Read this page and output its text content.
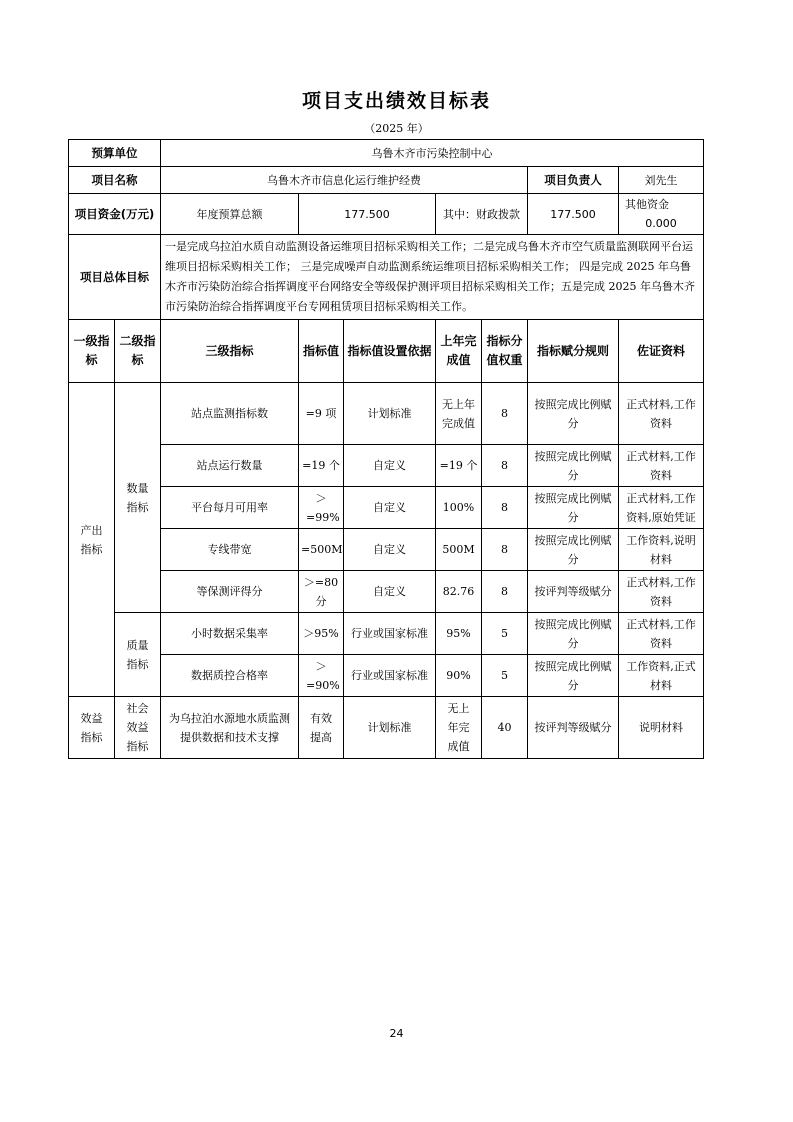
项目支出绩效目标表
（2025 年）
预算单位		乌鲁木齐市污染控制中心						
项目名称		乌鲁木齐市信息化运行维护经费					项目负责人	刘先生
项目资金(万元)		年度预算总额	177.500		其中：财政拨款		177.500	其他资金0.000
项目总体目标		一是完成乌拉泊水质自动监测设备运维项目招标采购相关工作；二是完成乌鲁木齐市空气质量监测联网平台运维项目招标采购相关工作； 三是完成噪声自动监测系统运维项目招标采购相关工作； 四是完成 2025 年乌鲁木齐市污染防治综合指挥调度平台网络安全等级保护测评项目招标采购相关工作；五是完成 2025 年乌鲁木齐市污染防治综合指挥调度平台专网租赁项目招标采购相关工作。						
一级指标	二级指标	三级指标	指标值	指标值设置依据	上年完成值	指标分值权重	指标赋分规则	佐证资料

产出指标	数量指标	站点监测指标数	=9 项	计划标准	无上年完成值	8	按照完成比例赋分	正式材料,工作资料

		站点运行数量	=19 个	自定义	=19 个	8	按照完成比例赋分	正式材料,工作资料

		平台每月可用率	＞=99%	自定义	100%	8	按照完成比例赋分	正式材料,工作资料,原始凭证

		专线带宽	=500M	自定义	500M	8	按照完成比例赋分	工作资料,说明材料

		等保测评得分	＞=80分	自定义	82.76	8	按评判等级赋分	正式材料,工作资料

	质量指标	小时数据采集率	＞95%	行业或国家标准	95%	5	按照完成比例赋分	正式材料,工作资料

		数据质控合格率	＞=90%	行业或国家标准	90%	5	按照完成比例赋分	工作资料,正式材料

效益指标	社会效益指标	为乌拉泊水源地水质监测提供数据和技术支撑	有效提高	计划标准	无上年完成值	40	按评判等级赋分	说明材料
24
